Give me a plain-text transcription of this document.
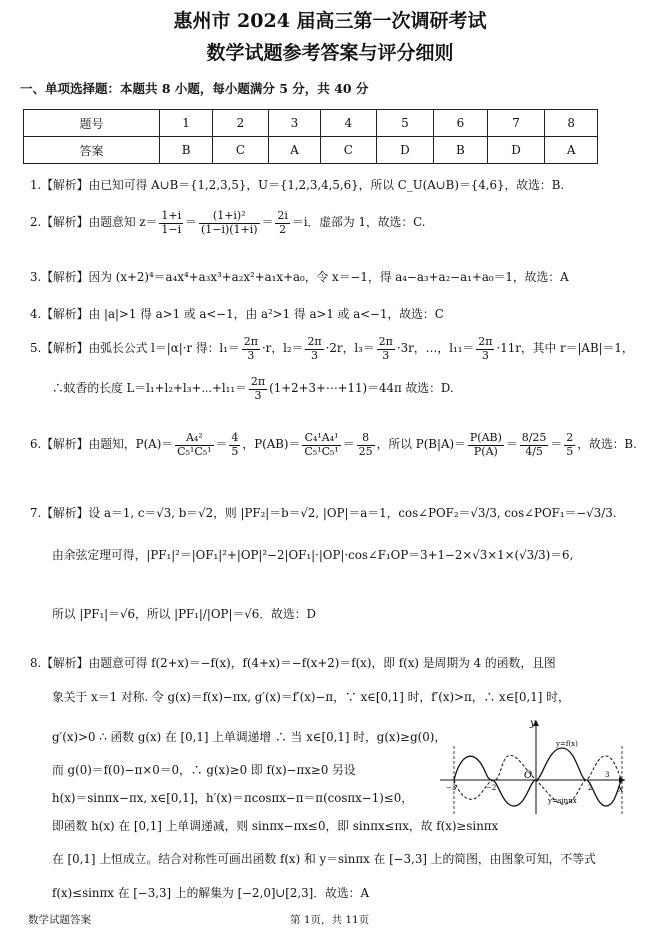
惠州市 2024 届高三第一次调研考试
数学试题参考答案与评分细则
一、单项选择题：本题共 8 小题，每小题满分 5 分，共 40 分
题号	1	2	3	4	5	6	7	8
答案	B	C	A	C	D	B	D	A
1.【解析】由已知可得 A∪B＝{1,2,3,5}，U＝{1,2,3,4,5,6}，所以 C_U(A∪B)＝{4,6}，故选：B.
2.【解析】由题意知 $z= \frac{1+i}{1-i} = \frac{\text{(1+i)²}}{(1-i)(1+i)} = \frac{2i}{2} =i$．虚部为 1，故选：C.
3.【解析】因为 (x+2)⁴＝a₄x⁴+a₃x³+a₂x²+a₁x+a₀，令 x＝−1，得 a₄−a₃+a₂−a₁+a₀＝1，故选：A
4.【解析】由 |a|>1 得 a>1 或 a<−1，由 a²>1 得 a>1 或 a<−1，故选：C
5.【解析】由弧长公式 l＝|α|·r 得：$l_1= \frac{2\pi}{3} \cdot r$，$l_2= \frac{2\pi}{3} \cdot 2r$，$l_3= \frac{2\pi}{3} \cdot 3r$，…，$l_{11}= \frac{2\pi}{3} \cdot 11r$，其中 r＝|AB|＝1，
∴蚊香的长度 L＝l₁+l₂+l₃+⋯+l₁₁＝ $\frac{2\pi}{3}$ (1+2+3+⋯+11)＝44π 故选：D.
6.【解析】由题知，$P(A)= \frac{\text{A₄²}}{\text{C₅¹C₅¹}} = \frac{4}{5}$ ，$P(AB)= \frac{\text{C₄¹A₄¹}}{\text{C₅¹C₅¹}} = \frac{8}{25}$ ，所以 $P(B|A)= \frac{P(AB)}{P(A)} = \frac{8/25}{4/5} = \frac{2}{5}$ ，故选：B.
7.【解析】设 a＝1, c＝√3, b＝√2，则 |PF₂|＝b＝√2, |OP|＝a＝1，cos∠POF₂＝√3/3, cos∠POF₁＝−√3/3.
由余弦定理可得，|PF₁|²＝|OF₁|²+|OP|²−2|OF₁|·|OP|·cos∠F₁OP＝3+1−2×√3×1×(√3/3)＝6,
所以 |PF₁|＝√6，所以 |PF₁|/|OP|＝√6．故选：D
8.【解析】由题意可得 f(2+x)＝−f(x)，f(4+x)＝−f(x+2)＝f(x)，即 f(x) 是周期为 4 的函数，且图
象关于 x＝1 对称. 令 g(x)＝f(x)−πx, g′(x)＝f′(x)−π，∵ x∈[0,1] 时，f′(x)>π，∴ x∈[0,1] 时，
g′(x)>0 ∴ 函数 g(x) 在 [0,1] 上单调递增 ∴ 当 x∈[0,1] 时，g(x)≥g(0)，
而 g(0)＝f(0)−π×0＝0，∴ g(x)≥0 即 f(x)−πx≥0 另设
h(x)＝sinπx−πx, x∈[0,1]，h′(x)＝πcosπx−π＝π(cosπx−1)≤0，
即函数 h(x) 在 [0,1] 上单调递减，则 sinπx−πx≤0，即 sinπx≤πx，故 f(x)≥sinπx
在 [0,1] 上恒成立。结合对称性可画出函数 f(x) 和 y＝sinπx 在 [−3,3] 上的简图，由图象可知，不等式
f(x)≤sinπx 在 [−3,3] 上的解集为 [−2,0]∪[2,3]．故选：A
y
x
O
y=f(x)
y=sinπx
3
−3	2
−2
数学试题答案	第 1页，共 11页
